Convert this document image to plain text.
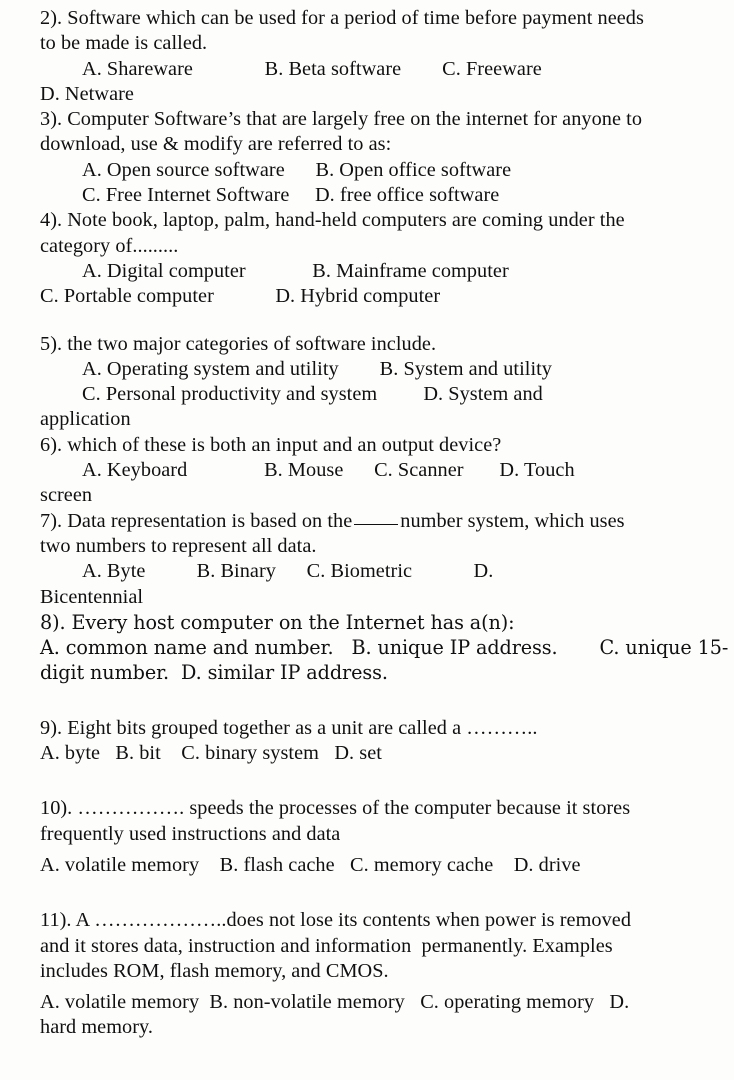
2). Software which can be used for a period of time before payment needs
to be made is called.
A. Shareware              B. Beta software        C. Freeware
D. Netware
3). Computer Software’s that are largely free on the internet for anyone to
download, use & modify are referred to as:
A. Open source software      B. Open office software
C. Free Internet Software     D. free office software
4). Note book, laptop, palm, hand-held computers are coming under the
category of.........
A. Digital computer             B. Mainframe computer
C. Portable computer            D. Hybrid computer
5). the two major categories of software include.
A. Operating system and utility        B. System and utility
C. Personal productivity and system         D. System and
application
6). which of these is both an input and an output device?
A. Keyboard               B. Mouse      C. Scanner       D. Touch
screen
7). Data representation is based on the number system, which uses
two numbers to represent all data.
A. Byte          B. Binary      C. Biometric            D.
Bicentennial
8). Every host computer on the Internet has a(n):
A. common name and number.   B. unique IP address.       C. unique 15-
digit number.  D. similar IP address.
9). Eight bits grouped together as a unit are called a ………..
A. byte   B. bit    C. binary system   D. set
10). ……………. speeds the processes of the computer because it stores
frequently used instructions and data
A. volatile memory    B. flash cache   C. memory cache    D. drive
11). A ………………..does not lose its contents when power is removed
and it stores data, instruction and information  permanently. Examples
includes ROM, flash memory, and CMOS.
A. volatile memory  B. non-volatile memory   C. operating memory   D.
hard memory.
